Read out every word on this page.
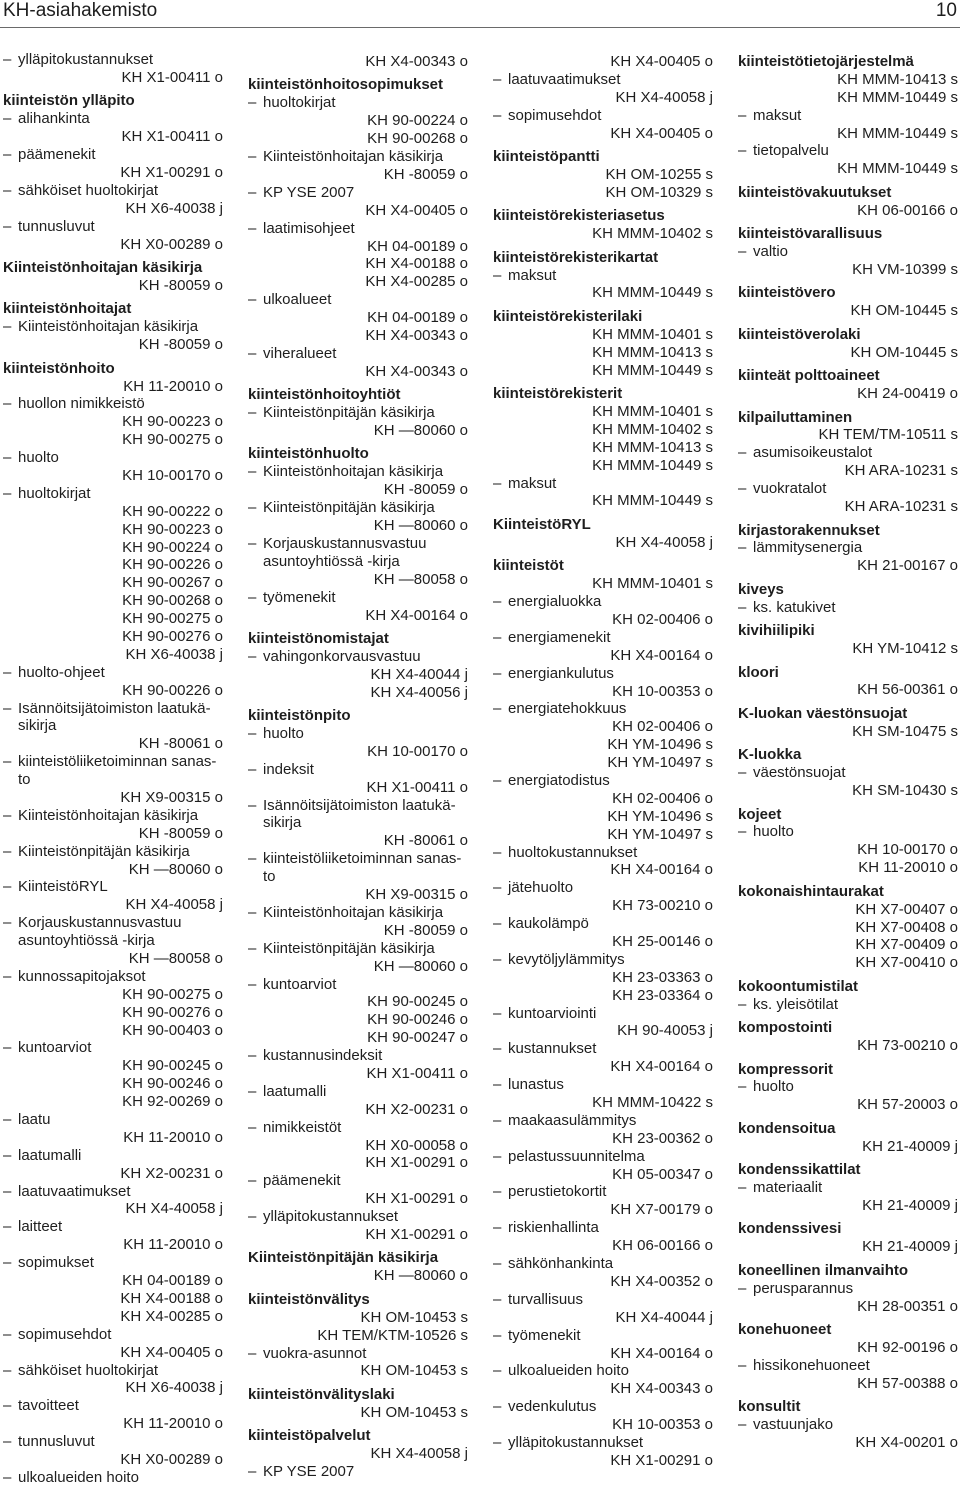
KH-asiahakemisto	10
– ylläpitokustannukset
KH X1-00411 o
kiinteistön ylläpito
– alihankinta
KH X1-00411 o
– päämenekit
KH X1-00291 o
– sähköiset huoltokirjat
KH X6-40038 j
– tunnusluvut
KH X0-00289 o
Kiinteistönhoitajan käsikirja
KH -80059 o
kiinteistönhoitajat
– Kiinteistönhoitajan käsikirja
KH -80059 o
kiinteistönhoito
KH 11-20010 o
– huollon nimikkeistö
KH 90-00223 o
KH 90-00275 o
– huolto
KH 10-00170 o
– huoltokirjat
KH 90-00222 o
KH 90-00223 o
KH 90-00224 o
KH 90-00226 o
KH 90-00267 o
KH 90-00268 o
KH 90-00275 o
KH 90-00276 o
KH X6-40038 j
– huolto-ohjeet
KH 90-00226 o
– Isännöitsijätoimiston laatukä-
sikirja
KH -80061 o
– kiinteistöliiketoiminnan sanas-
to
KH X9-00315 o
– Kiinteistönhoitajan käsikirja
KH -80059 o
– Kiinteistönpitäjän käsikirja
KH —80060 o
– KiinteistöRYL
KH X4-40058 j
– Korjauskustannusvastuu
asuntoyhtiössä -kirja
KH —80058 o
– kunnossapitojaksot
KH 90-00275 o
KH 90-00276 o
KH 90-00403 o
– kuntoarviot
KH 90-00245 o
KH 90-00246 o
KH 92-00269 o
– laatu
KH 11-20010 o
– laatumalli
KH X2-00231 o
– laatuvaatimukset
KH X4-40058 j
– laitteet
KH 11-20010 o
– sopimukset
KH 04-00189 o
KH X4-00188 o
KH X4-00285 o
– sopimusehdot
KH X4-00405 o
– sähköiset huoltokirjat
KH X6-40038 j
– tavoitteet
KH 11-20010 o
– tunnusluvut
KH X0-00289 o
– ulkoalueiden hoito
KH X4-00343 o
kiinteistönhoitosopimukset
– huoltokirjat
KH 90-00224 o
KH 90-00268 o
– Kiinteistönhoitajan käsikirja
KH -80059 o
– KP YSE 2007
KH X4-00405 o
– laatimisohjeet
KH 04-00189 o
KH X4-00188 o
KH X4-00285 o
– ulkoalueet
KH 04-00189 o
KH X4-00343 o
– viheralueet
KH X4-00343 o
kiinteistönhoitoyhtiöt
– Kiinteistönpitäjän käsikirja
KH —80060 o
kiinteistönhuolto
– Kiinteistönhoitajan käsikirja
KH -80059 o
– Kiinteistönpitäjän käsikirja
KH —80060 o
– Korjauskustannusvastuu
asuntoyhtiössä -kirja
KH —80058 o
– työmenekit
KH X4-00164 o
kiinteistönomistajat
– vahingonkorvausvastuu
KH X4-40044 j
KH X4-40056 j
kiinteistönpito
– huolto
KH 10-00170 o
– indeksit
KH X1-00411 o
– Isännöitsijätoimiston laatukä-
sikirja
KH -80061 o
– kiinteistöliiketoiminnan sanas-
to
KH X9-00315 o
– Kiinteistönhoitajan käsikirja
KH -80059 o
– Kiinteistönpitäjän käsikirja
KH —80060 o
– kuntoarviot
KH 90-00245 o
KH 90-00246 o
KH 90-00247 o
– kustannusindeksit
KH X1-00411 o
– laatumalli
KH X2-00231 o
– nimikkeistöt
KH X0-00058 o
KH X1-00291 o
– päämenekit
KH X1-00291 o
– ylläpitokustannukset
KH X1-00291 o
Kiinteistönpitäjän käsikirja
KH —80060 o
kiinteistönvälitys
KH OM-10453 s
KH TEM/KTM-10526 s
– vuokra-asunnot
KH OM-10453 s
kiinteistönvälityslaki
KH OM-10453 s
kiinteistöpalvelut
KH X4-40058 j
– KP YSE 2007
KH X4-00405 o
– laatuvaatimukset
KH X4-40058 j
– sopimusehdot
KH X4-00405 o
kiinteistöpantti
KH OM-10255 s
KH OM-10329 s
kiinteistörekisteriasetus
KH MMM-10402 s
kiinteistörekisterikartat
– maksut
KH MMM-10449 s
kiinteistörekisterilaki
KH MMM-10401 s
KH MMM-10413 s
KH MMM-10449 s
kiinteistörekisterit
KH MMM-10401 s
KH MMM-10402 s
KH MMM-10413 s
KH MMM-10449 s
– maksut
KH MMM-10449 s
KiinteistöRYL
KH X4-40058 j
kiinteistöt
KH MMM-10401 s
– energialuokka
KH 02-00406 o
– energiamenekit
KH X4-00164 o
– energiankulutus
KH 10-00353 o
– energiatehokkuus
KH 02-00406 o
KH YM-10496 s
KH YM-10497 s
– energiatodistus
KH 02-00406 o
KH YM-10496 s
KH YM-10497 s
– huoltokustannukset
KH X4-00164 o
– jätehuolto
KH 73-00210 o
– kaukolämpö
KH 25-00146 o
– kevytöljylämmitys
KH 23-03363 o
KH 23-03364 o
– kuntoarviointi
KH 90-40053 j
– kustannukset
KH X4-00164 o
– lunastus
KH MMM-10422 s
– maakaasulämmitys
KH 23-00362 o
– pelastussuunnitelma
KH 05-00347 o
– perustietokortit
KH X7-00179 o
– riskienhallinta
KH 06-00166 o
– sähkönhankinta
KH X4-00352 o
– turvallisuus
KH X4-40044 j
– työmenekit
KH X4-00164 o
– ulkoalueiden hoito
KH X4-00343 o
– vedenkulutus
KH 10-00353 o
– ylläpitokustannukset
KH X1-00291 o
kiinteistötietojärjestelmä
KH MMM-10413 s
KH MMM-10449 s
– maksut
KH MMM-10449 s
– tietopalvelu
KH MMM-10449 s
kiinteistövakuutukset
KH 06-00166 o
kiinteistövarallisuus
– valtio
KH VM-10399 s
kiinteistövero
KH OM-10445 s
kiinteistöverolaki
KH OM-10445 s
kiinteät polttoaineet
KH 24-00419 o
kilpailuttaminen
KH TEM/TM-10511 s
– asumisoikeustalot
KH ARA-10231 s
– vuokratalot
KH ARA-10231 s
kirjastorakennukset
– lämmitysenergia
KH 21-00167 o
kiveys
– ks. katukivet
kivihiilipiki
KH YM-10412 s
kloori
KH 56-00361 o
K-luokan väestönsuojat
KH SM-10475 s
K-luokka
– väestönsuojat
KH SM-10430 s
kojeet
– huolto
KH 10-00170 o
KH 11-20010 o
kokonaishintaurakat
KH X7-00407 o
KH X7-00408 o
KH X7-00409 o
KH X7-00410 o
kokoontumistilat
– ks. yleisötilat
kompostointi
KH 73-00210 o
kompressorit
– huolto
KH 57-20003 o
kondensoitua
KH 21-40009 j
kondenssikattilat
– materiaalit
KH 21-40009 j
kondenssivesi
KH 21-40009 j
koneellinen ilmanvaihto
– perusparannus
KH 28-00351 o
konehuoneet
KH 92-00196 o
– hissikonehuoneet
KH 57-00388 o
konsultit
– vastuunjako
KH X4-00201 o
